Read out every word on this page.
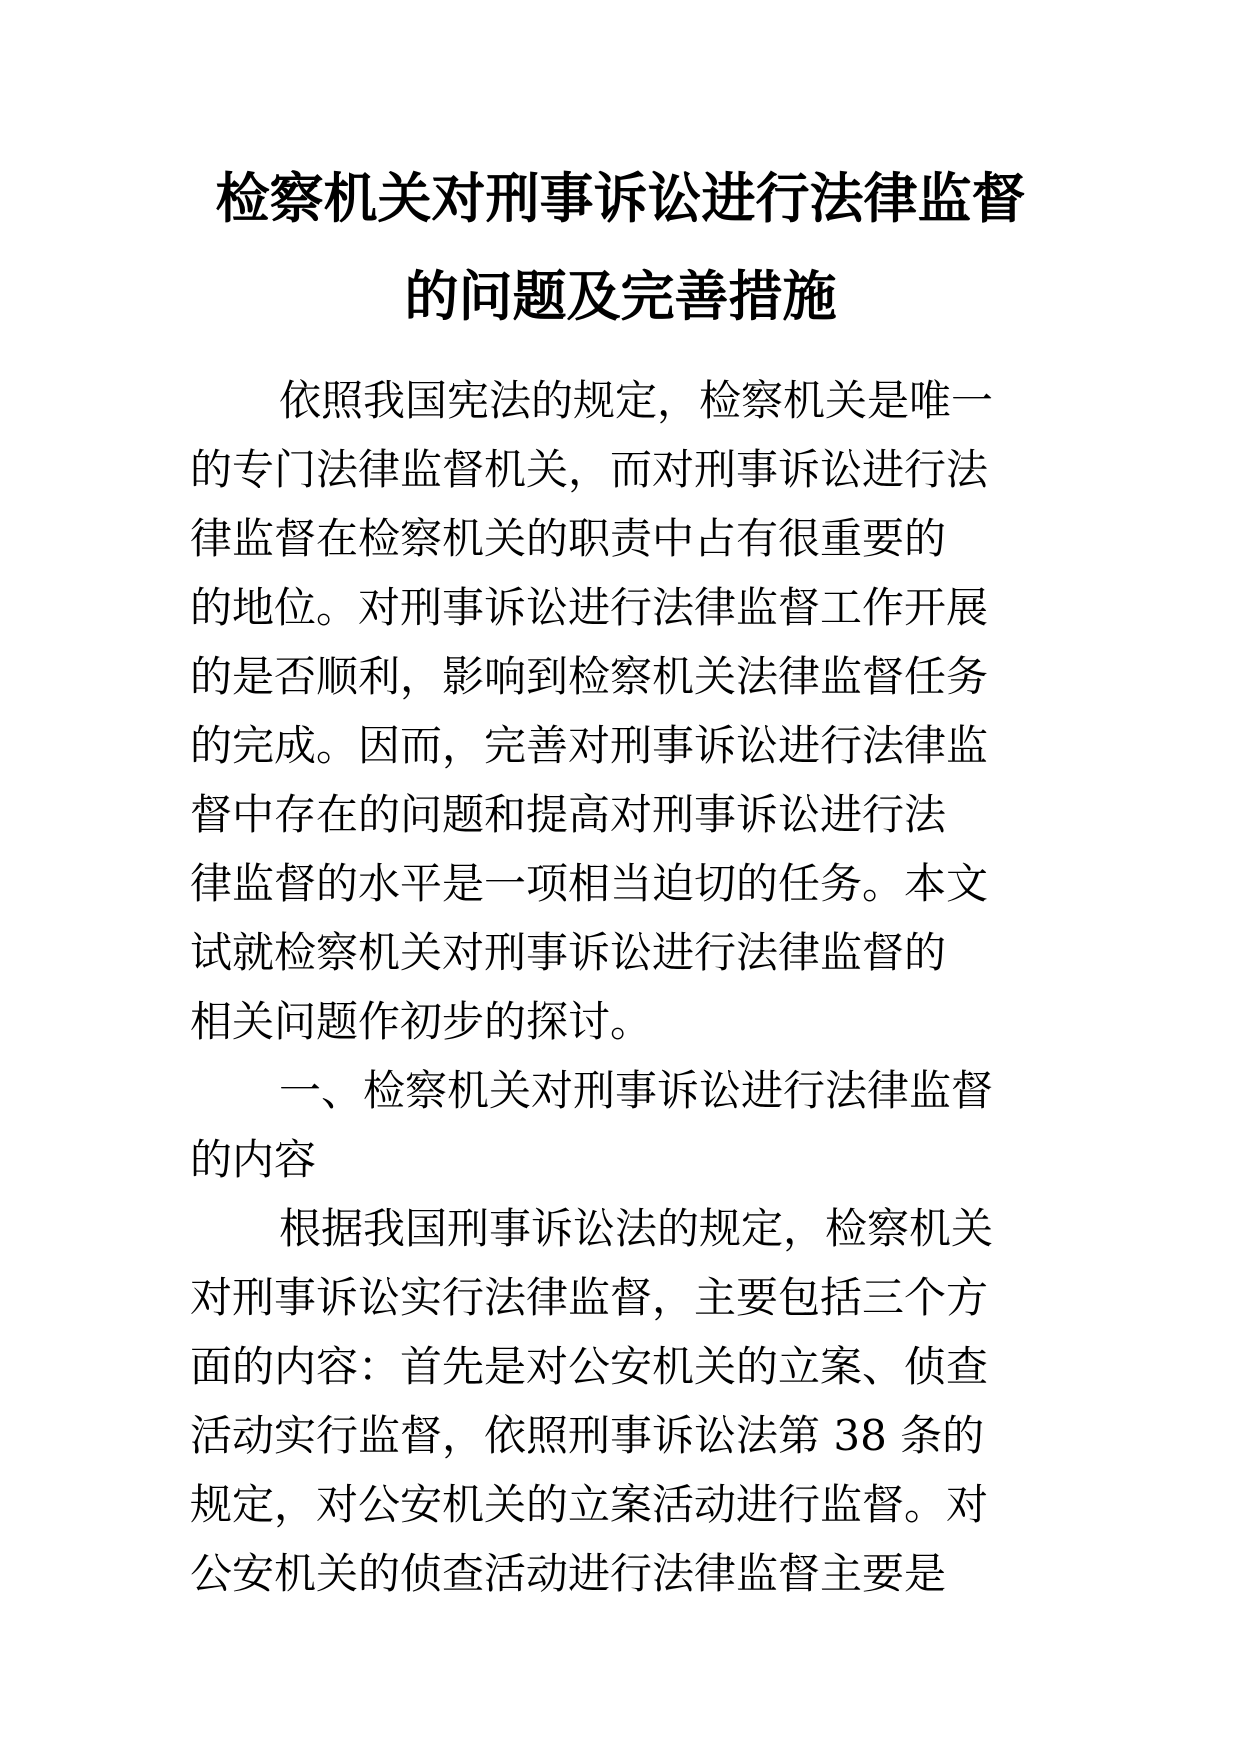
检察机关对刑事诉讼进行法律监督
的问题及完善措施
依照我国宪法的规定，检察机关是唯一
的专门法律监督机关，而对刑事诉讼进行法
律监督在检察机关的职责中占有很重要的
的地位。对刑事诉讼进行法律监督工作开展
的是否顺利，影响到检察机关法律监督任务
的完成。因而，完善对刑事诉讼进行法律监
督中存在的问题和提高对刑事诉讼进行法
律监督的水平是一项相当迫切的任务。本文
试就检察机关对刑事诉讼进行法律监督的
相关问题作初步的探讨。
一、检察机关对刑事诉讼进行法律监督
的内容
根据我国刑事诉讼法的规定，检察机关
对刑事诉讼实行法律监督，主要包括三个方
面的内容：首先是对公安机关的立案、侦查
活动实行监督，依照刑事诉讼法第 38 条的
规定，对公安机关的立案活动进行监督。对
公安机关的侦查活动进行法律监督主要是
